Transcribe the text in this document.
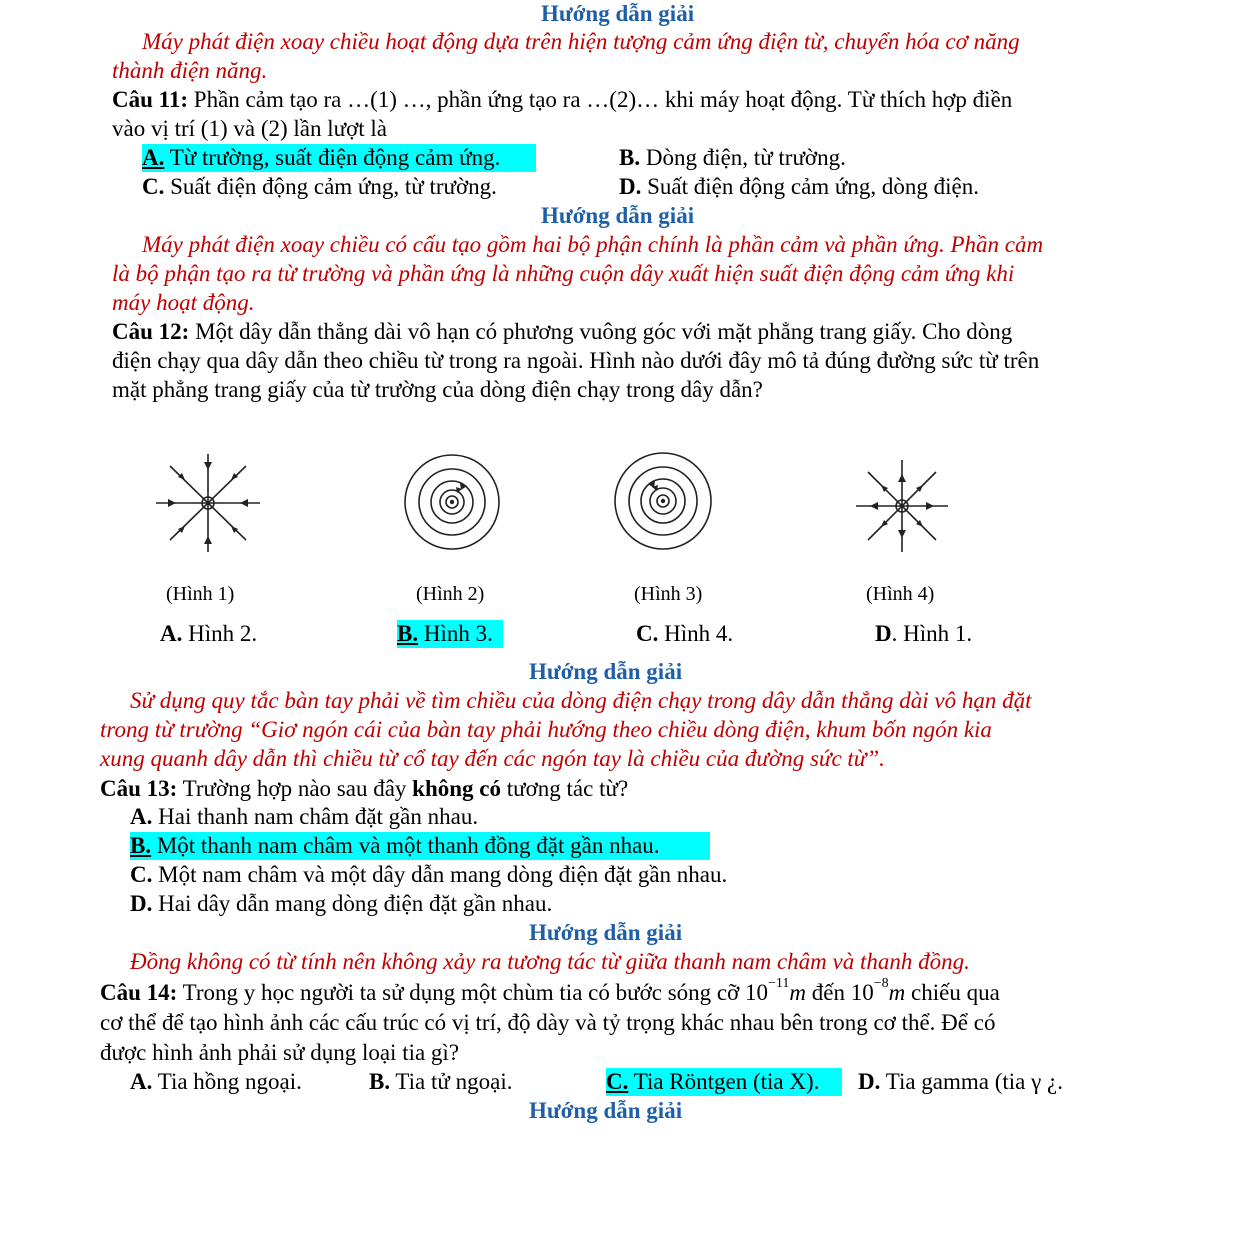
Hướng dẫn giải
Máy phát điện xoay chiều hoạt động dựa trên hiện tượng cảm ứng điện từ, chuyển hóa cơ năng
thành điện năng.
Câu 11: Phần cảm tạo ra …(1) …, phần ứng tạo ra …(2)… khi máy hoạt động. Từ thích hợp điền
vào vị trí (1) và (2) lần lượt là
A. Từ trường, suất điện động cảm ứng.	B. Dòng điện, từ trường.
C. Suất điện động cảm ứng, từ trường.	D. Suất điện động cảm ứng, dòng điện.
Hướng dẫn giải
Máy phát điện xoay chiều có cấu tạo gồm hai bộ phận chính là phần cảm và phần ứng. Phần cảm
là bộ phận tạo ra từ trường và phần ứng là những cuộn dây xuất hiện suất điện động cảm ứng khi
máy hoạt động.
Câu 12: Một dây dẫn thẳng dài vô hạn có phương vuông góc với mặt phẳng trang giấy. Cho dòng
điện chạy qua dây dẫn theo chiều từ trong ra ngoài. Hình nào dưới đây mô tả đúng đường sức từ trên
mặt phẳng trang giấy của từ trường của dòng điện chạy trong dây dẫn?
(Hình 1)	(Hình 2)	(Hình 3)	(Hình 4)
A. Hình 2.	B. Hình 3.	C. Hình 4.	D. Hình 1.
Hướng dẫn giải
Sử dụng quy tắc bàn tay phải về tìm chiều của dòng điện chạy trong dây dẫn thẳng dài vô hạn đặt
trong từ trường “Giơ ngón cái của bàn tay phải hướng theo chiều dòng điện, khum bốn ngón kia
xung quanh dây dẫn thì chiều từ cổ tay đến các ngón tay là chiều của đường sức từ”.
Câu 13: Trường hợp nào sau đây không có tương tác từ?
A. Hai thanh nam châm đặt gần nhau.
B. Một thanh nam châm và một thanh đồng đặt gần nhau.
C. Một nam châm và một dây dẫn mang dòng điện đặt gần nhau.
D. Hai dây dẫn mang dòng điện đặt gần nhau.
Hướng dẫn giải
Đồng không có từ tính nên không xảy ra tương tác từ giữa thanh nam châm và thanh đồng.
Câu 14: Trong y học người ta sử dụng một chùm tia có bước sóng cỡ $10^{-11}m$ đến $10^{-8}m$ chiếu qua
cơ thể để tạo hình ảnh các cấu trúc có vị trí, độ dày và tỷ trọng khác nhau bên trong cơ thể. Để có
được hình ảnh phải sử dụng loại tia gì?
A. Tia hồng ngoại.	B. Tia tử ngoại.	C. Tia Röntgen (tia X).	D. Tia gamma (tia γ ¿.
Hướng dẫn giải
